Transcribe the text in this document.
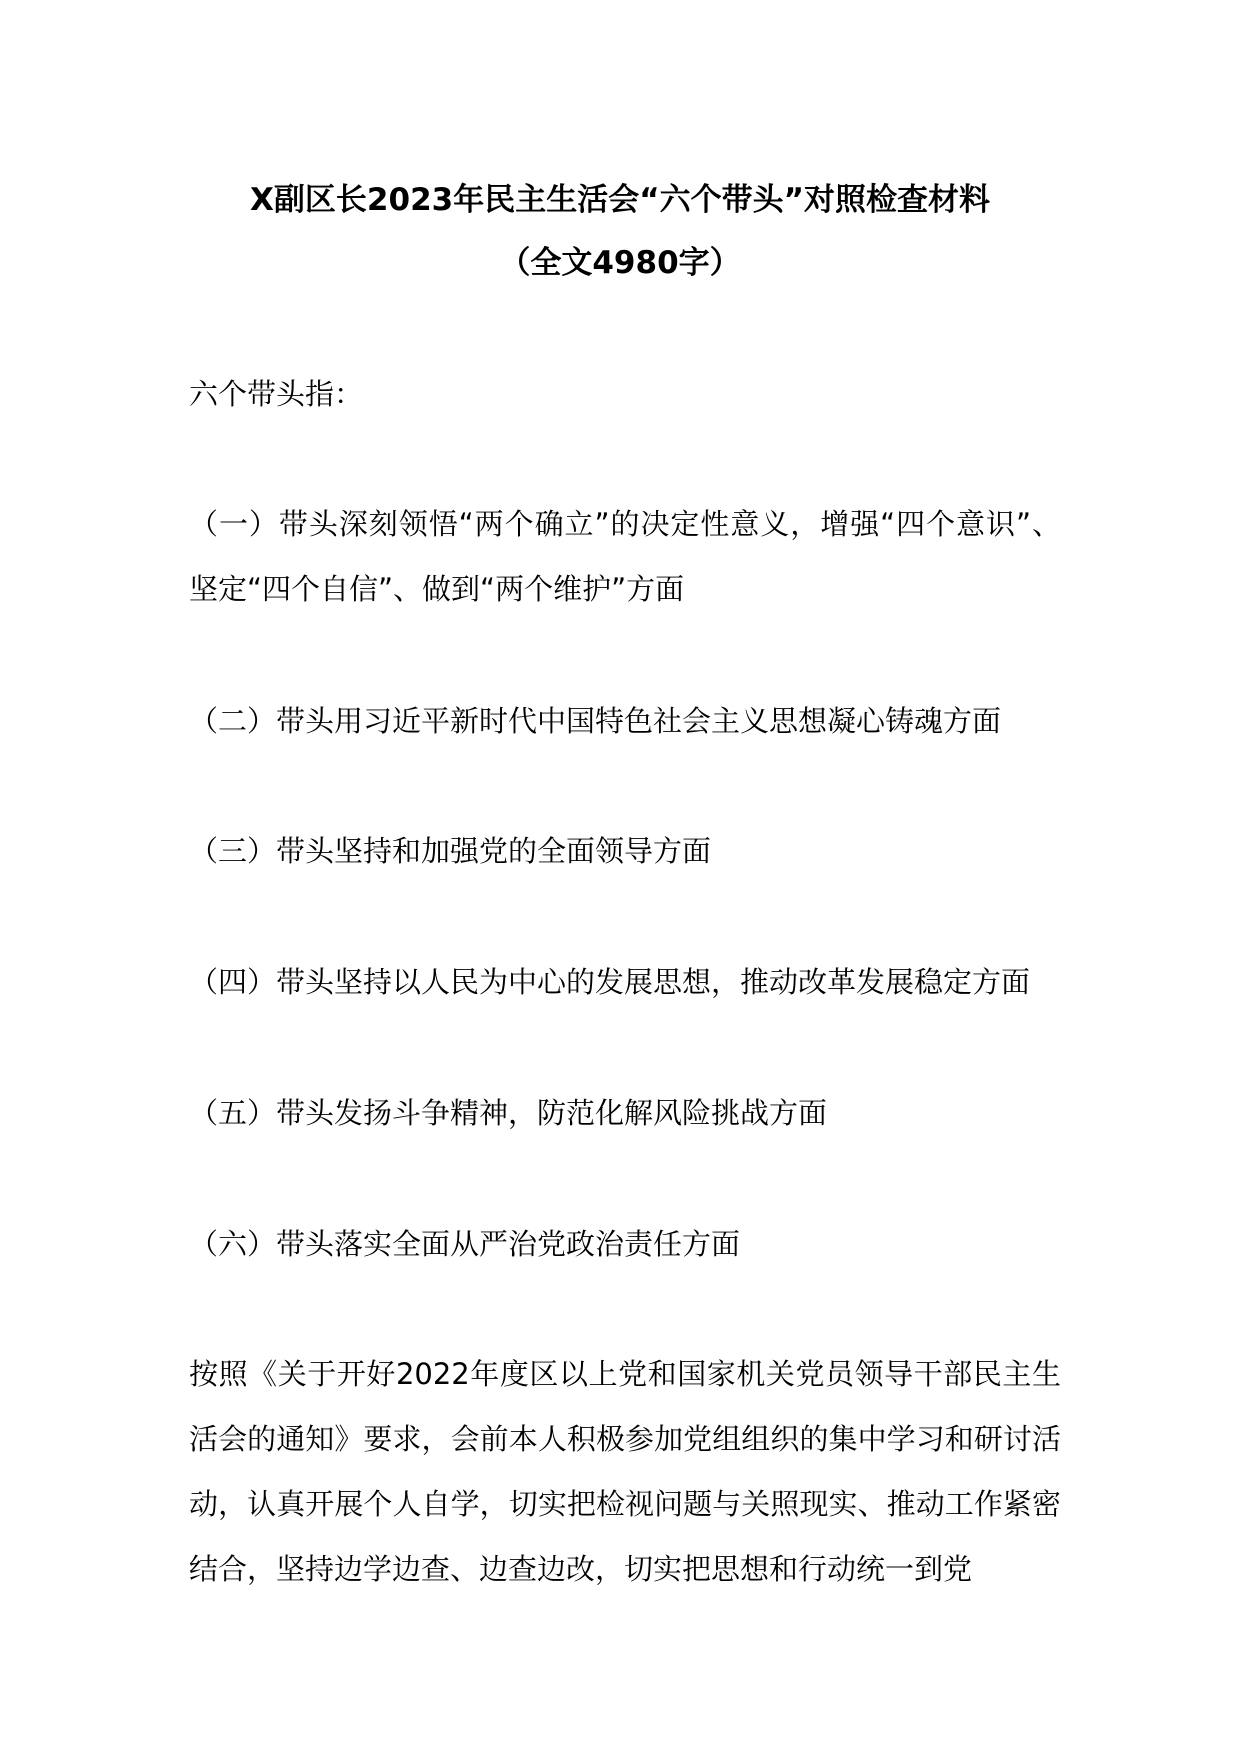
X副区长2023年民主生活会“六个带头”对照检查材料
（全文4980字）
六个带头指：
（一）带头深刻领悟“两个确立”的决定性意义，增强“四个意识”、坚定“四个自信”、做到“两个维护”方面
（二）带头用习近平新时代中国特色社会主义思想凝心铸魂方面
（三）带头坚持和加强党的全面领导方面
（四）带头坚持以人民为中心的发展思想，推动改革发展稳定方面
（五）带头发扬斗争精神，防范化解风险挑战方面
（六）带头落实全面从严治党政治责任方面
按照《关于开好2022年度区以上党和国家机关党员领导干部民主生活会的通知》要求，会前本人积极参加党组组织的集中学习和研讨活动，认真开展个人自学，切实把检视问题与关照现实、推动工作紧密结合，坚持边学边查、边查边改，切实把思想和行动统一到党
